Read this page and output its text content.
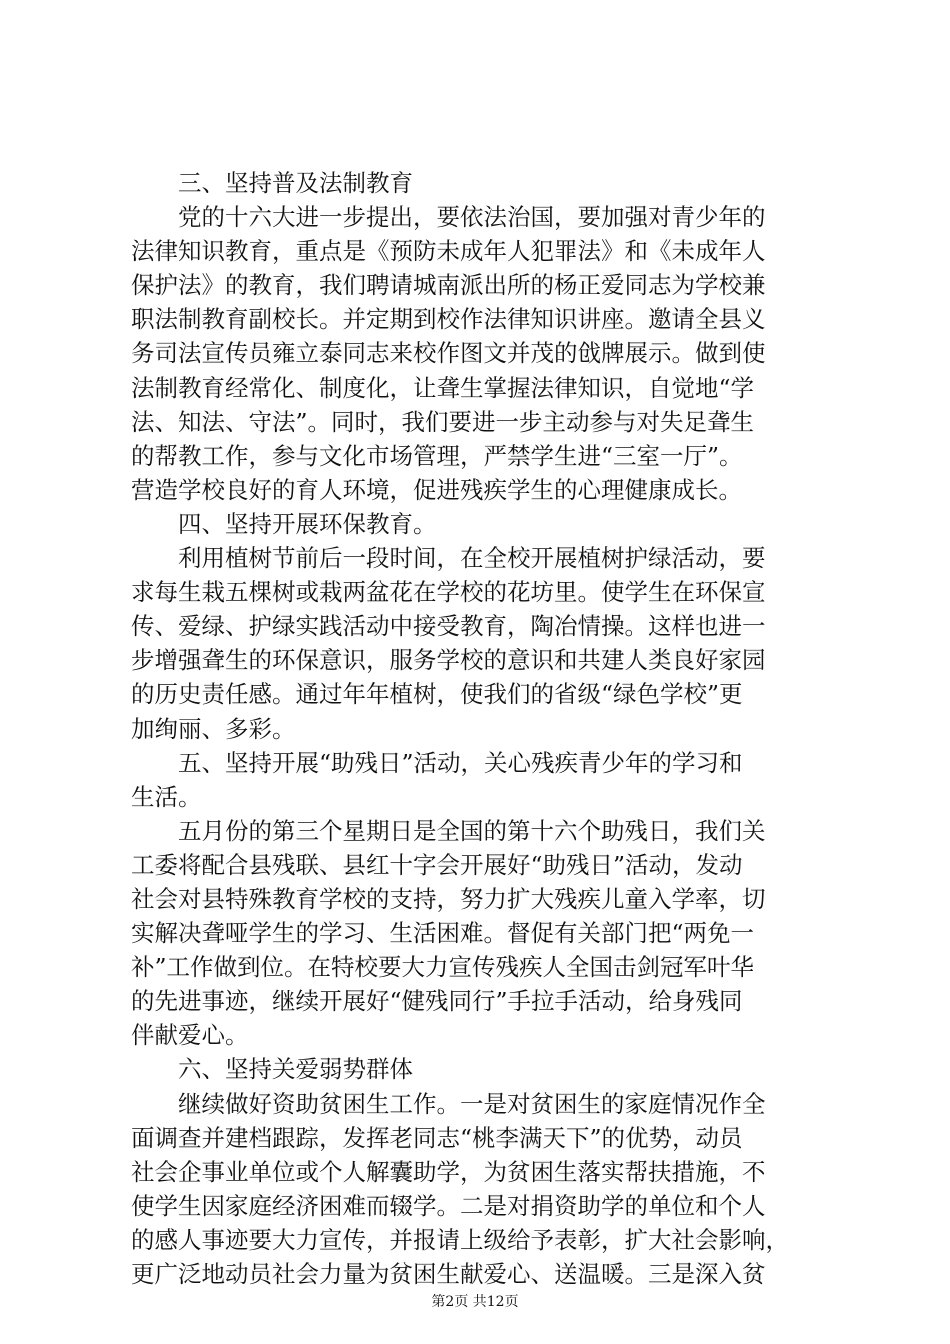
　　三、坚持普及法制教育
　　党的十六大进一步提出，要依法治国，要加强对青少年的
法律知识教育，重点是《预防未成年人犯罪法》和《未成年人
保护法》的教育，我们聘请城南派出所的杨正爱同志为学校兼
职法制教育副校长。并定期到校作法律知识讲座。邀请全县义
务司法宣传员雍立泰同志来校作图文并茂的戗牌展示。做到使
法制教育经常化、制度化，让聋生掌握法律知识，自觉地“学
法、知法、守法”。同时，我们要进一步主动参与对失足聋生
的帮教工作，参与文化市场管理，严禁学生进“三室一厅”。
营造学校良好的育人环境，促进残疾学生的心理健康成长。
　　四、坚持开展环保教育。
　　利用植树节前后一段时间，在全校开展植树护绿活动，要
求每生栽五棵树或栽两盆花在学校的花坊里。使学生在环保宣
传、爱绿、护绿实践活动中接受教育，陶冶情操。这样也进一
步增强聋生的环保意识，服务学校的意识和共建人类良好家园
的历史责任感。通过年年植树，使我们的省级“绿色学校”更
加绚丽、多彩。
　　五、坚持开展“助残日”活动，关心残疾青少年的学习和
生活。
　　五月份的第三个星期日是全国的第十六个助残日，我们关
工委将配合县残联、县红十字会开展好“助残日”活动，发动
社会对县特殊教育学校的支持，努力扩大残疾儿童入学率，切
实解决聋哑学生的学习、生活困难。督促有关部门把“两免一
补”工作做到位。在特校要大力宣传残疾人全国击剑冠军叶华
的先进事迹，继续开展好“健残同行”手拉手活动，给身残同
伴献爱心。
　　六、坚持关爱弱势群体
　　继续做好资助贫困生工作。一是对贫困生的家庭情况作全
面调查并建档跟踪，发挥老同志“桃李满天下”的优势，动员
社会企事业单位或个人解囊助学，为贫困生落实帮扶措施，不
使学生因家庭经济困难而辍学。二是对捐资助学的单位和个人
的感人事迹要大力宣传，并报请上级给予表彰，扩大社会影响，
更广泛地动员社会力量为贫困生献爱心、送温暖。三是深入贫
第2页 共12页
